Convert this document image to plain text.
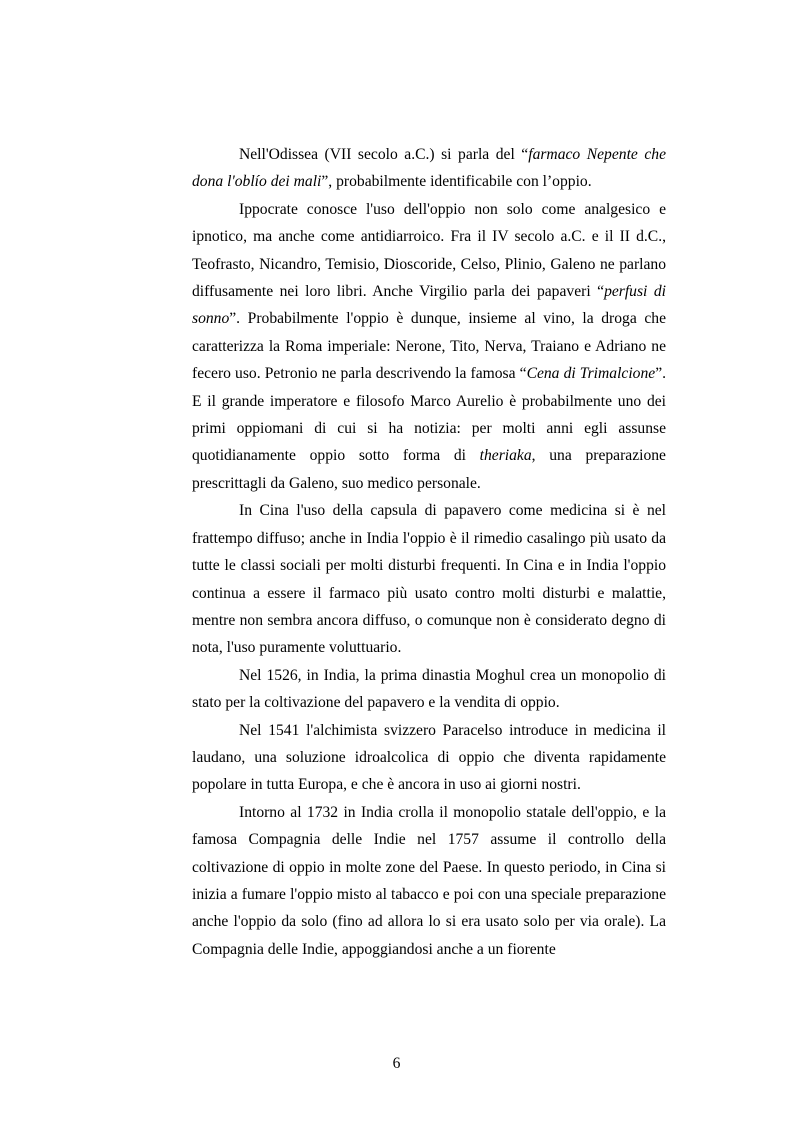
Nell'Odissea (VII secolo a.C.) si parla del “farmaco Nepente che dona l'oblío dei mali”, probabilmente identificabile con l’oppio.

Ippocrate conosce l'uso dell'oppio non solo come analgesico e ipnotico, ma anche come antidiarroico. Fra il IV secolo a.C. e il II d.C., Teofrasto, Nicandro, Temisio, Dioscoride, Celso, Plinio, Galeno ne parlano diffusamente nei loro libri. Anche Virgilio parla dei papaveri “perfusi di sonno”. Probabilmente l'oppio è dunque, insieme al vino, la droga che caratterizza la Roma imperiale: Nerone, Tito, Nerva, Traiano e Adriano ne fecero uso. Petronio ne parla descrivendo la famosa “Cena di Trimalcione”. E il grande imperatore e filosofo Marco Aurelio è probabilmente uno dei primi oppiomani di cui si ha notizia: per molti anni egli assunse quotidianamente oppio sotto forma di theriaka, una preparazione prescrittagli da Galeno, suo medico personale.

In Cina l'uso della capsula di papavero come medicina si è nel frattempo diffuso; anche in India l'oppio è il rimedio casalingo più usato da tutte le classi sociali per molti disturbi frequenti. In Cina e in India l'oppio continua a essere il farmaco più usato contro molti disturbi e malattie, mentre non sembra ancora diffuso, o comunque non è considerato degno di nota, l'uso puramente voluttuario.

Nel 1526, in India, la prima dinastia Moghul crea un monopolio di stato per la coltivazione del papavero e la vendita di oppio.

Nel 1541 l'alchimista svizzero Paracelso introduce in medicina il laudano, una soluzione idroalcolica di oppio che diventa rapidamente popolare in tutta Europa, e che è ancora in uso ai giorni nostri.

Intorno al 1732 in India crolla il monopolio statale dell'oppio, e la famosa Compagnia delle Indie nel 1757 assume il controllo della coltivazione di oppio in molte zone del Paese. In questo periodo, in Cina si inizia a fumare l'oppio misto al tabacco e poi con una speciale preparazione anche l'oppio da solo (fino ad allora lo si era usato solo per via orale). La Compagnia delle Indie, appoggiandosi anche a un fiorente

6
